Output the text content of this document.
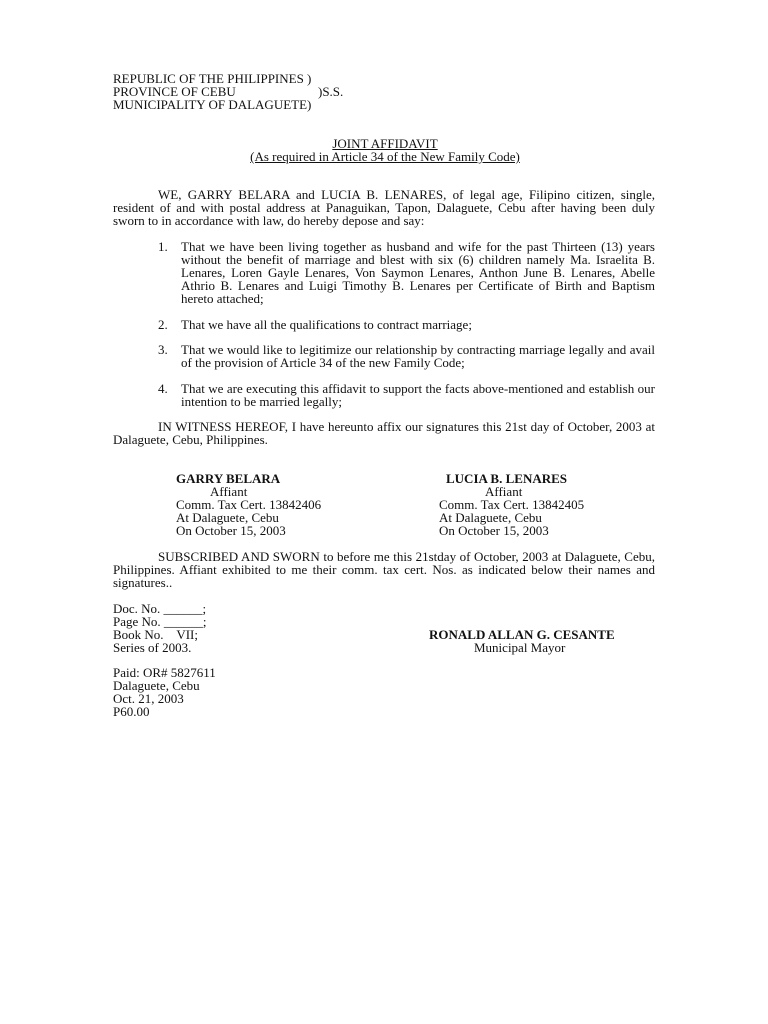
REPUBLIC OF THE PHILIPPINES )
PROVINCE OF CEBU	)S.S.
MUNICIPALITY OF DALAGUETE)
JOINT AFFIDAVIT
(As required in Article 34 of the New Family Code)
WE, GARRY BELARA and LUCIA B. LENARES, of legal age, Filipino citizen, single, resident of and with postal address at Panaguikan, Tapon, Dalaguete, Cebu after having been duly sworn to in accordance with law, do hereby depose and say:
1. That we have been living together as husband and wife for the past Thirteen (13) years without the benefit of marriage and blest with six (6) children namely Ma. Israelita B. Lenares, Loren Gayle Lenares, Von Saymon Lenares, Anthon June B. Lenares, Abelle Athrio B. Lenares and Luigi Timothy B. Lenares per Certificate of Birth and Baptism hereto attached;
2. That we have all the qualifications to contract marriage;
3. That we would like to legitimize our relationship by contracting marriage legally and avail of the provision of Article 34 of the new Family Code;
4. That we are executing this affidavit to support the facts above-mentioned and establish our intention to be married legally;
IN WITNESS HEREOF, I have hereunto affix our signatures this 21st day of October, 2003 at Dalaguete, Cebu, Philippines.
GARRY BELARA
Affiant
Comm. Tax Cert. 13842406
At Dalaguete, Cebu
On October 15, 2003
LUCIA B. LENARES
Affiant
Comm. Tax Cert. 13842405
At Dalaguete, Cebu
On October 15, 2003
SUBSCRIBED AND SWORN to before me this 21stday of October, 2003 at Dalaguete, Cebu, Philippines. Affiant exhibited to me their comm. tax cert. Nos. as indicated below their names and signatures..
Doc. No. ______;
Page No. ______;
Book No.    VII;
Series of 2003.
RONALD ALLAN G. CESANTE
Municipal Mayor
Paid: OR# 5827611
Dalaguete, Cebu
Oct. 21, 2003
P60.00
